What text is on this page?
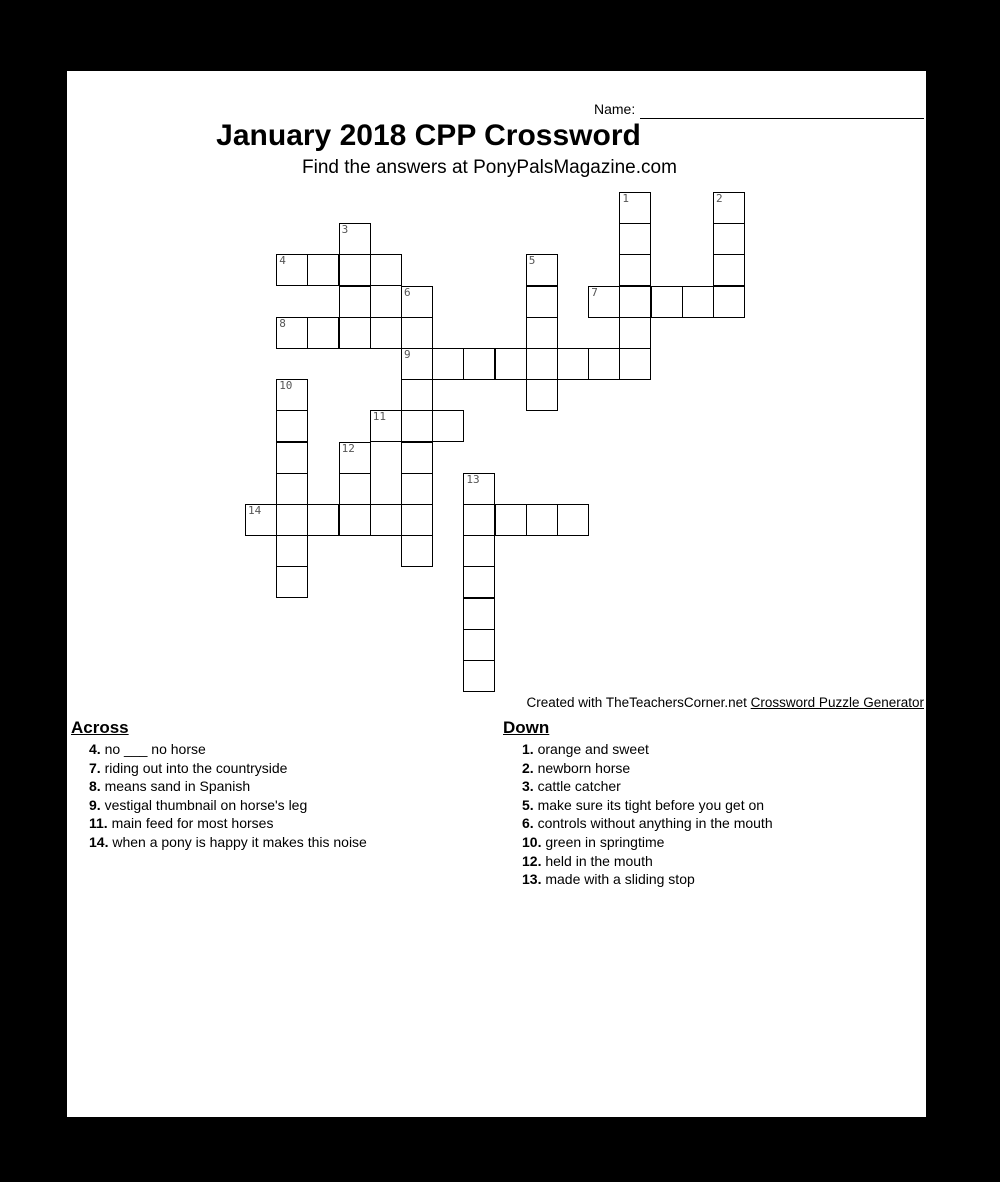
Name:
January 2018 CPP Crossword
Find the answers at PonyPalsMagazine.com
1	2
3
4	5
6	7
8
9
10
11
12
13
14
Created with TheTeachersCorner.net Crossword Puzzle Generator
Across
4. no ___ no horse
7. riding out into the countryside
8. means sand in Spanish
9. vestigal thumbnail on horse's leg
11. main feed for most horses
14. when a pony is happy it makes this noise
Down
1. orange and sweet
2. newborn horse
3. cattle catcher
5. make sure its tight before you get on
6. controls without anything in the mouth
10. green in springtime
12. held in the mouth
13. made with a sliding stop
